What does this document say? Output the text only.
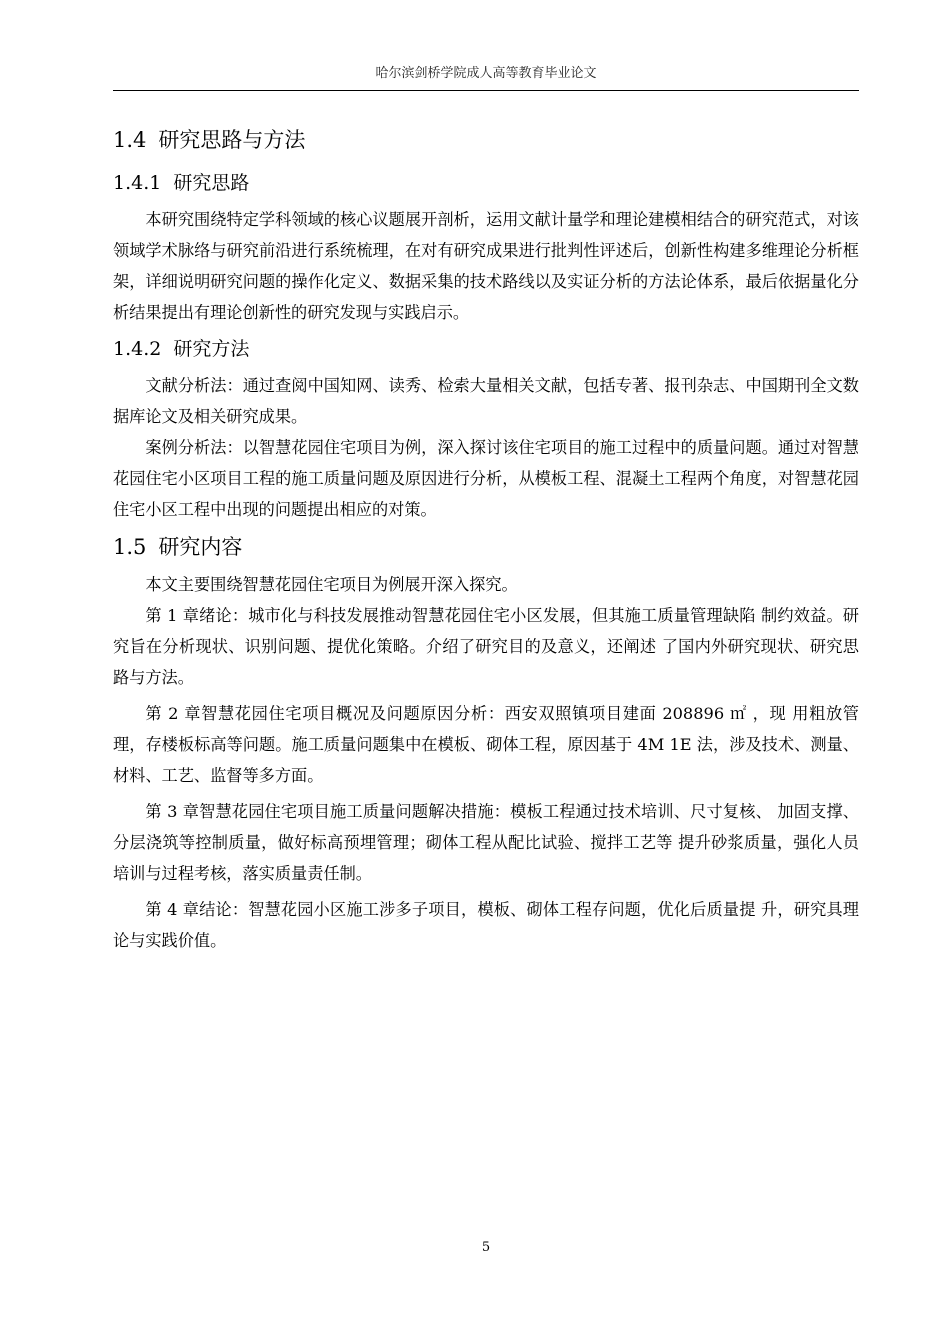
哈尔滨剑桥学院成人高等教育毕业论文
1.4 研究思路与方法
1.4.1 研究思路

本研究围绕特定学科领域的核心议题展开剖析，运用文献计量学和理论建模相结合的研究范式，对该领域学术脉络与研究前沿进行系统梳理，在对有研究成果进行批判性评述后，创新性构建多维理论分析框架，详细说明研究问题的操作化定义、数据采集的技术路线以及实证分析的方法论体系，最后依据量化分析结果提出有理论创新性的研究发现与实践启示。

1.4.2 研究方法

文献分析法：通过查阅中国知网、读秀、检索大量相关文献，包括专著、报刊杂志、中国期刊全文数据库论文及相关研究成果。

案例分析法：以智慧花园住宅项目为例，深入探讨该住宅项目的施工过程中的质量问题。通过对智慧花园住宅小区项目工程的施工质量问题及原因进行分析，从模板工程、混凝土工程两个角度，对智慧花园住宅小区工程中出现的问题提出相应的对策。

1.5 研究内容

本文主要围绕智慧花园住宅项目为例展开深入探究。

第 1 章绪论：城市化与科技发展推动智慧花园住宅小区发展，但其施工质量管理缺陷 制约效益。研究旨在分析现状、识别问题、提优化策略。介绍了研究目的及意义，还阐述 了国内外研究现状、研究思路与方法。

第 2 章智慧花园住宅项目概况及问题原因分析：西安双照镇项目建面 208896 ㎡ ，现 用粗放管理，存楼板标高等问题。施工质量问题集中在模板、砌体工程，原因基于 4M 1E 法，涉及技术、测量、材料、工艺、监督等多方面。

第 3 章智慧花园住宅项目施工质量问题解决措施：模板工程通过技术培训、尺寸复核、 加固支撑、分层浇筑等控制质量，做好标高预埋管理；砌体工程从配比试验、搅拌工艺等 提升砂浆质量，强化人员培训与过程考核，落实质量责任制。

第 4 章结论：智慧花园小区施工涉多子项目，模板、砌体工程存问题，优化后质量提 升，研究具理论与实践价值。

5
